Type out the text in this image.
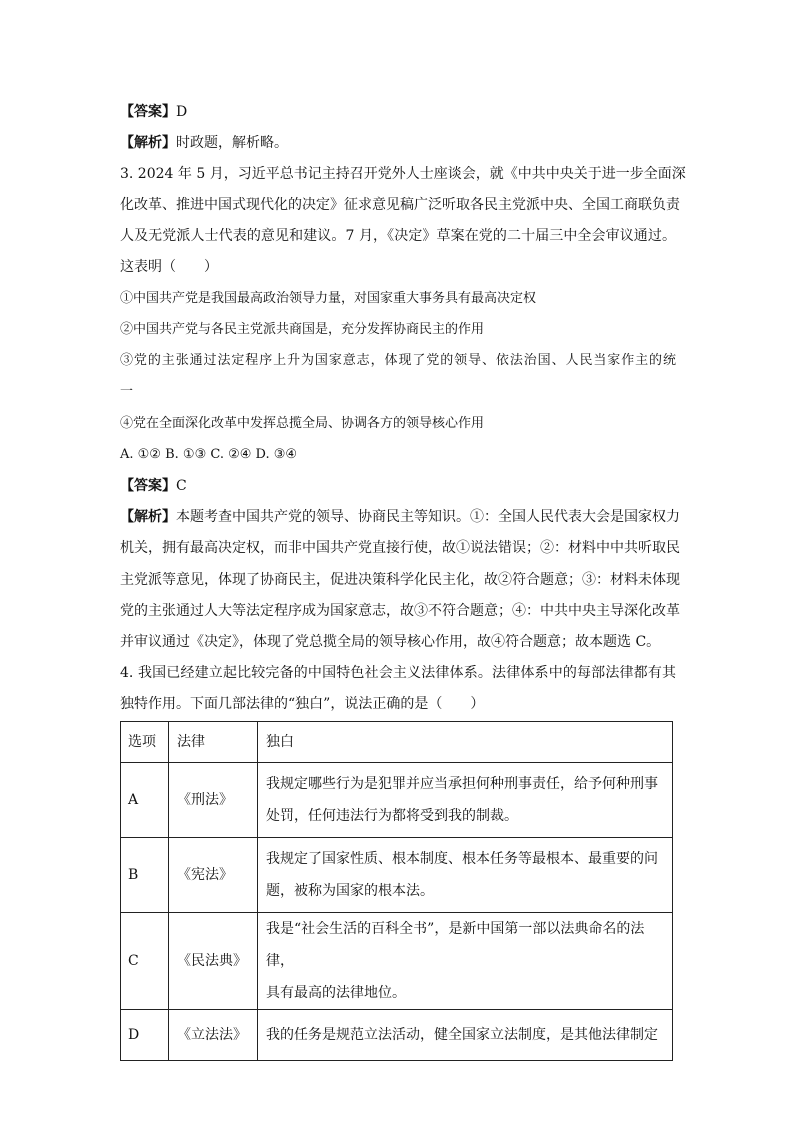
【答案】D
【解析】时政题，解析略。
3. 2024 年 5 月，习近平总书记主持召开党外人士座谈会，就《中共中央关于进一步全面深
化改革、推进中国式现代化的决定》征求意见稿广泛听取各民主党派中央、全国工商联负责
人及无党派人士代表的意见和建议。7 月，《决定》草案在党的二十届三中全会审议通过。
这表明（　　）
①中国共产党是我国最高政治领导力量，对国家重大事务具有最高决定权
②中国共产党与各民主党派共商国是，充分发挥协商民主的作用
③党的主张通过法定程序上升为国家意志，体现了党的领导、依法治国、人民当家作主的统
一
④党在全面深化改革中发挥总揽全局、协调各方的领导核心作用
A. ①② B. ①③ C. ②④ D. ③④
【答案】C
【解析】本题考查中国共产党的领导、协商民主等知识。①：全国人民代表大会是国家权力
机关，拥有最高决定权，而非中国共产党直接行使，故①说法错误；②：材料中中共听取民
主党派等意见，体现了协商民主，促进决策科学化民主化，故②符合题意；③：材料未体现
党的主张通过人大等法定程序成为国家意志，故③不符合题意；④：中共中央主导深化改革
并审议通过《决定》，体现了党总揽全局的领导核心作用，故④符合题意；故本题选 C。
4. 我国已经建立起比较完备的中国特色社会主义法律体系。法律体系中的每部法律都有其
独特作用。下面几部法律的“独白”，说法正确的是（　　）
选项	法律	独白
A	《刑法》	我规定哪些行为是犯罪并应当承担何种刑事责任，给予何种刑事
处罚，任何违法行为都将受到我的制裁。

B	《宪法》	我规定了国家性质、根本制度、根本任务等最根本、最重要的问
题，被称为国家的根本法。

C	《民法典》	我是“社会生活的百科全书”，是新中国第一部以法典命名的法律，
具有最高的法律地位。

D	《立法法》	我的任务是规范立法活动，健全国家立法制度，是其他法律制定
